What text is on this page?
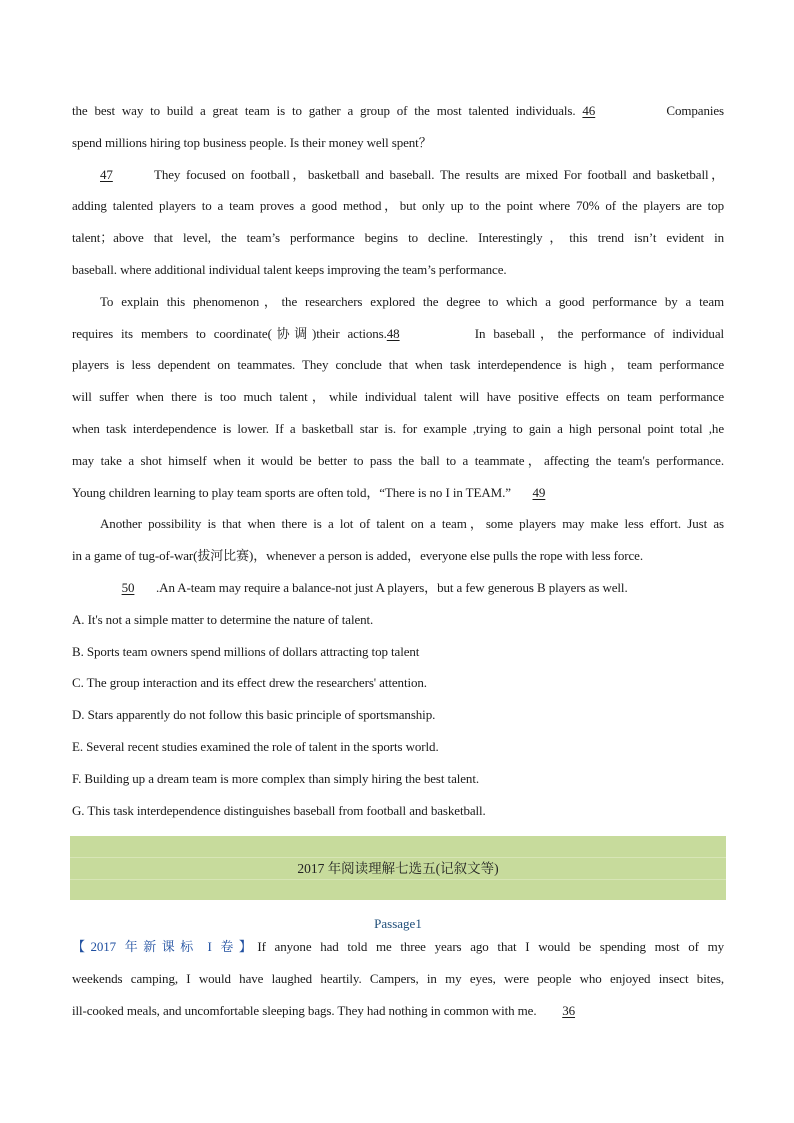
the best way to build a great team is to gather a group of the most talented individuals. 46	Companies

spend millions hiring top business people. Is their money well spent？

47	They focused on football，basketball and baseball. The results are mixed For football and basketball，

adding talented players to a team proves a good method，but only up to the point where 70% of the players are top

talent；above that level, the team’s performance begins to decline. Interestingly，this trend isn’t evident in

baseball. where additional individual talent keeps improving the team’s performance.

To explain this phenomenon，the researchers explored the degree to which a good performance by a team

requires its members to coordinate(协调)their actions.48	In baseball，the performance of individual

players is less dependent on teammates. They conclude that when task interdependence is high，team performance

will suffer when there is too much talent，while individual talent will have positive effects on team performance

when task interdependence is lower. If a basketball star is. for example ,trying to gain a high personal point total ,he

may take a shot himself when it would be better to pass the ball to a teammate，affecting the team's performance.

Young children learning to play team sports are often told，“There is no I in TEAM.” 49

Another possibility is that when there is a lot of talent on a team，some players may make less effort. Just as

in a game of tug-of-war(拔河比赛)，whenever a person is added，everyone else pulls the rope with less force.

50 .An A-team may require a balance-not just A players，but a few generous B players as well.

A. It's not a simple matter to determine the nature of talent.

B. Sports team owners spend millions of dollars attracting top talent

C. The group interaction and its effect drew the researchers' attention.

D. Stars apparently do not follow this basic principle of sportsmanship.

E. Several recent studies examined the role of talent in the sports world.

F. Building up a dream team is more complex than simply hiring the best talent.

G. This task interdependence distinguishes baseball from football and basketball.

2017 年阅读理解七选五(记叙文等)
Passage1

【2017 年新课标 I 卷】If anyone had told me three years ago that I would be spending most of my

weekends camping, I would have laughed heartily. Campers, in my eyes, were people who enjoyed insect bites,

ill-cooked meals, and uncomfortable sleeping bags. They had nothing in common with me. 36
